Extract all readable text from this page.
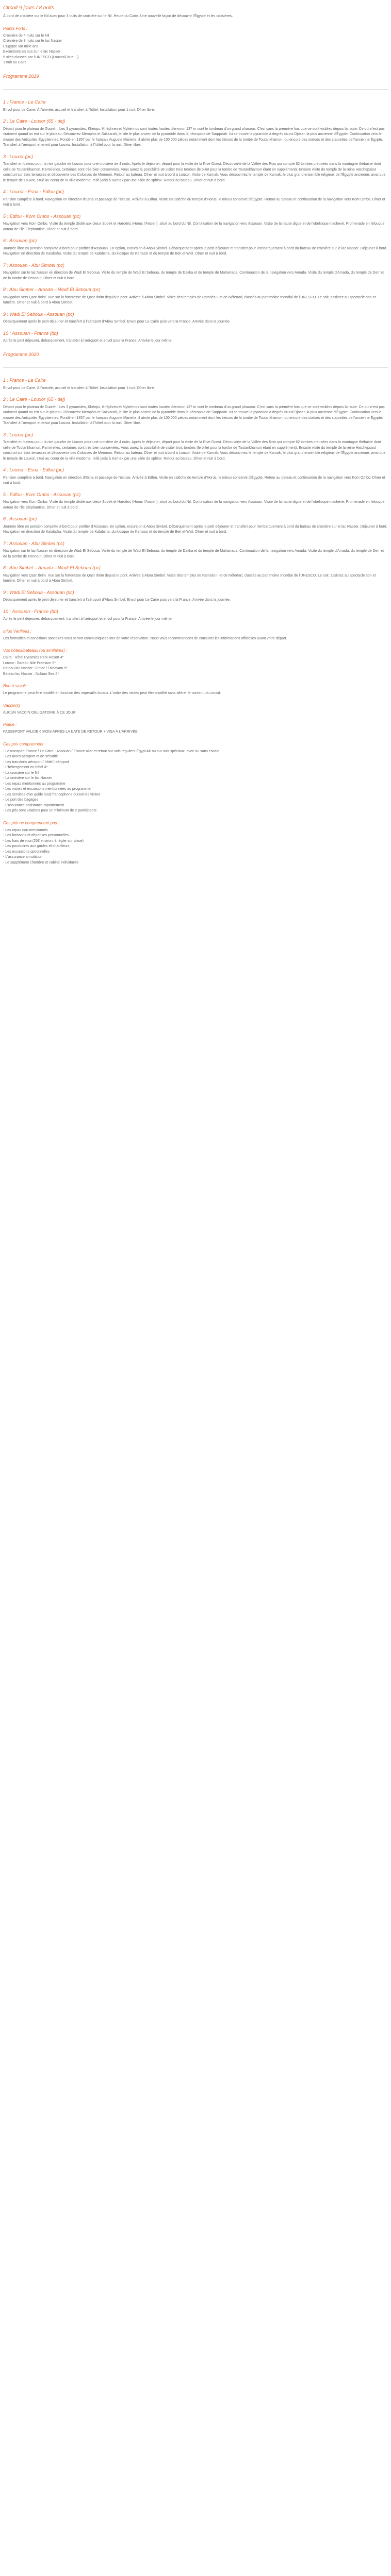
Circuit 9 jours / 8 nuits

À bord de croisière sur le Nil avec pour 3 nuits de croisière sur le Nil. Heure du Caire. Une nouvelle façon de découvrir l'Égypte et les croisières.

Points Forts :

Croisière de 4 nuits sur le Nil

Croisière de 3 nuits sur le lac Nasser

L'Égypte sur mille ans

Excursions en bus sur le lac Nasser

5 sites classés par l'UNESCO (Louxor/Caire…)

1 nuit au Caire

Programme 2019
1 : France - Le Caire

Envol pour Le Caire. À l'arrivée, accueil et transfert à l'hôtel. Installation pour 1 nuit. Dîner libre.

2 : Le Caire - Louxor (65 - dej)

Départ pour le plateau de Guizeh : Les 3 pyramides, Khéops, Khéphren et Mykérinos sont toutes hautes d'environ 137 m sont le tombeau d'un grand pharaon. C'est sans la première fois que ce sont visibles depuis la route. Ce qui n'est pas vraiment quand on est sur le plateau. Découvrez Memphis et Sakkarah, le site le plus ancien de la pyramide dans la nécropole de Saqqarah. Ici se trouve la pyramide à degrés du roi Djoser, la plus ancienne d'Égypte. Continuation vers le musée des Antiquités Égyptiennes. Fondé en 1857 par le français Auguste Mariette, il abrite plus de 100 000 pièces notamment dont les trésors de la tombe de Toutankhamon, ou encore des statues et des statuettes de l'ancienne Égypte. Transfert à l'aéroport et envol pour Louxor. Installation à l'hôtel pour la nuit. Dîner libre.

3 : Louxor (pc)

Transfert en bateau pour la rive gauche de Louxor pour une croisière de 4 nuits. Après le déjeuner, départ pour la visite de la Rive Ouest. Découverte de la Vallée des Rois qui compte 62 tombes creusées dans la montagne thébaine dont celle de Toutankhamon. Parmi elles, certaines sont très bien conservées. Vous aurez la possibilité de visiter trois tombes (le billet pour la tombe de Toutankhamon étant en supplément). Ensuite visite du temple de la reine Hatchepsout construit sur trois terrasses et découverte des Colosses de Memnon. Retour au bateau. Dîner et nuit à bord à Louxor. Visite de Karnak. Vous découvrirez le temple de Karnak, le plus grand ensemble religieux de l'Égypte ancienne, ainsi que le temple de Louxor, situé au coeur de la ville moderne, relié jadis à Karnak par une allée de sphinx. Retour au bateau. Dîner et nuit à bord.

4 : Louxor - Esna - Edfou (pc)

Pension complète à bord. Navigation en direction d'Esna et passage de l'écluse. Arrivée à Edfou. Visite en calèche du temple d'Horus, le mieux conservé d'Égypte. Retour au bateau et continuation de la navigation vers Kom Ombo. Dîner et nuit à bord.

5 : Edfou - Kom Ombo - Assouan (pc)

Navigation vers Kom Ombo. Visite du temple dédié aux dieux Sobek et Haroëris (Horus l'Ancien), situé au bord du Nil. Continuation de la navigation vers Assouan. Visite de la haute digue et de l'obélisque inachevé. Promenade en felouque autour de l'île Éléphantine. Dîner et nuit à bord.

6 : Assouan (pc)

Journée libre en pension complète à bord pour profiter d'Assouan. En option, excursion à Abou Simbel. Débarquement après le petit déjeuner et transfert pour l'embarquement à bord du bateau de croisière sur le lac Nasser. Déjeuner à bord. Navigation en direction de Kalabsha. Visite du temple de Kalabsha, du kiosque de Kertassi et du temple de Beit el-Wali. Dîner et nuit à bord.

7 : Assouan - Abu Simbel (pc)

Navigation sur le lac Nasser en direction de Wadi El Seboua. Visite du temple de Wadi El Seboua, du temple de Dakka et du temple de Maharraqa. Continuation de la navigation vers Amada. Visite du temple d'Amada, du temple de Derr et de la tombe de Pennout. Dîner et nuit à bord.

8 : Abu Simbel – Amada – Wadi El Seboua (pc)

Navigation vers Qasr Ibrim. Vue sur la forteresse de Qasr Ibrim depuis le pont. Arrivée à Abou Simbel. Visite des temples de Ramsès II et de Néfertari, classés au patrimoine mondial de l'UNESCO. Le soir, assistez au spectacle son et lumière. Dîner et nuit à bord à Abou Simbel.

9 : Wadi El Seboua - Assouan (pc)

Débarquement après le petit déjeuner et transfert à l'aéroport d'Abou Simbel. Envol pour Le Caire puis vers la France. Arrivée dans la journée.

10 : Assouan - France (bb)

Après le petit déjeuner, débarquement, transfert à l'aéroport et envol pour la France. Arrivée le jour même.

Programme 2020
1 : France - Le Caire

Envol pour Le Caire. À l'arrivée, accueil et transfert à l'hôtel. Installation pour 1 nuit. Dîner libre.

2 : Le Caire - Louxor (65 - dej)

Départ pour le plateau de Guizeh : Les 3 pyramides, Khéops, Khéphren et Mykérinos sont toutes hautes d'environ 137 m sont le tombeau d'un grand pharaon. C'est sans la première fois que ce sont visibles depuis la route. Ce qui n'est pas vraiment quand on est sur le plateau. Découvrez Memphis et Sakkarah, le site le plus ancien de la pyramide dans la nécropole de Saqqarah. Ici se trouve la pyramide à degrés du roi Djoser, la plus ancienne d'Égypte. Continuation vers le musée des Antiquités Égyptiennes. Fondé en 1857 par le français Auguste Mariette, il abrite plus de 100 000 pièces notamment dont les trésors de la tombe de Toutankhamon, ou encore des statues et des statuettes de l'ancienne Égypte. Transfert à l'aéroport et envol pour Louxor. Installation à l'hôtel pour la nuit. Dîner libre.

3 : Louxor (pc)

Transfert en bateau pour la rive gauche de Louxor pour une croisière de 4 nuits. Après le déjeuner, départ pour la visite de la Rive Ouest. Découverte de la Vallée des Rois qui compte 62 tombes creusées dans la montagne thébaine dont celle de Toutankhamon. Parmi elles, certaines sont très bien conservées. Vous aurez la possibilité de visiter trois tombes (le billet pour la tombe de Toutankhamon étant en supplément). Ensuite visite du temple de la reine Hatchepsout construit sur trois terrasses et découverte des Colosses de Memnon. Retour au bateau. Dîner et nuit à bord à Louxor. Visite de Karnak. Vous découvrirez le temple de Karnak, le plus grand ensemble religieux de l'Égypte ancienne, ainsi que le temple de Louxor, situé au coeur de la ville moderne, relié jadis à Karnak par une allée de sphinx. Retour au bateau. Dîner et nuit à bord.

4 : Louxor - Esna - Edfou (pc)

Pension complète à bord. Navigation en direction d'Esna et passage de l'écluse. Arrivée à Edfou. Visite en calèche du temple d'Horus, le mieux conservé d'Égypte. Retour au bateau et continuation de la navigation vers Kom Ombo. Dîner et nuit à bord.

5 : Edfou - Kom Ombo - Assouan (pc)

Navigation vers Kom Ombo. Visite du temple dédié aux dieux Sobek et Haroëris (Horus l'Ancien), situé au bord du Nil. Continuation de la navigation vers Assouan. Visite de la haute digue et de l'obélisque inachevé. Promenade en felouque autour de l'île Éléphantine. Dîner et nuit à bord.

6 : Assouan (pc)

Journée libre en pension complète à bord pour profiter d'Assouan. En option, excursion à Abou Simbel. Débarquement après le petit déjeuner et transfert pour l'embarquement à bord du bateau de croisière sur le lac Nasser. Déjeuner à bord. Navigation en direction de Kalabsha. Visite du temple de Kalabsha, du kiosque de Kertassi et du temple de Beit el-Wali. Dîner et nuit à bord.

7 : Assouan - Abu Simbel (pc)

Navigation sur le lac Nasser en direction de Wadi El Seboua. Visite du temple de Wadi El Seboua, du temple de Dakka et du temple de Maharraqa. Continuation de la navigation vers Amada. Visite du temple d'Amada, du temple de Derr et de la tombe de Pennout. Dîner et nuit à bord.

8 : Abu Simbel – Amada – Wadi El Seboua (pc)

Navigation vers Qasr Ibrim. Vue sur la forteresse de Qasr Ibrim depuis le pont. Arrivée à Abou Simbel. Visite des temples de Ramsès II et de Néfertari, classés au patrimoine mondial de l'UNESCO. Le soir, assistez au spectacle son et lumière. Dîner et nuit à bord à Abou Simbel.

9 : Wadi El Seboua - Assouan (pc)

Débarquement après le petit déjeuner et transfert à l'aéroport d'Abou Simbel. Envol pour Le Caire puis vers la France. Arrivée dans la journée.

10 : Assouan - France (bb)

Après le petit déjeuner, débarquement, transfert à l'aéroport et envol pour la France. Arrivée le jour même.

Infos Vérifiées :

Les formalités et conditions sanitaires vous seront communiquées lors de votre réservation. Nous vous recommandons de consulter les informations officielles avant votre départ.

Vos hôtels/bateaux (ou similaires) :

Caire : Hôtel Pyramids Park Resort 4*

Louxor : Bateau Nile Premium 5*

Bateau lac Nasser : Omar El Khayam 5*

Bateau lac Nasser : Nubian Sea 5*

Bon à savoir :

Le programme peut être modifié en fonction des impératifs locaux. L'ordre des visites peut être modifié sans altérer le contenu du circuit.

Vaccin(s)

AUCUN VACCIN OBLIGATOIRE À CE JOUR

Police :

PASSEPORT VALIDE 6 MOIS APRÈS LA DATE DE RETOUR + VISA À L'ARRIVÉE

Ces prix comprennent :

- Le transport France / Le Caire - Assouan / France aller et retour sur vols réguliers Égypt Air ou sur vols spéciaux, avec ou sans escale

- Les taxes aéroport et de sécurité

- Les transferts aéroport / hôtel / aéroport

- L'hébergement en hôtel 4*

- La croisière sur le Nil

- La croisière sur le lac Nasser

- Les repas mentionnés au programme

- Les visites et excursions mentionnées au programme

- Les services d'un guide local francophone durant les visites

- Le port des bagages

- L'assurance assistance rapatriement

- Les prix sont valables pour un minimum de 2 participants

Ces prix ne comprennent pas :

- Les repas non mentionnés

- Les boissons et dépenses personnelles

- Les frais de visa (25€ environ, à régler sur place)

- Les pourboires aux guides et chauffeurs

- Les excursions optionnelles

- L'assurance annulation

- Le supplément chambre et cabine individuelle
